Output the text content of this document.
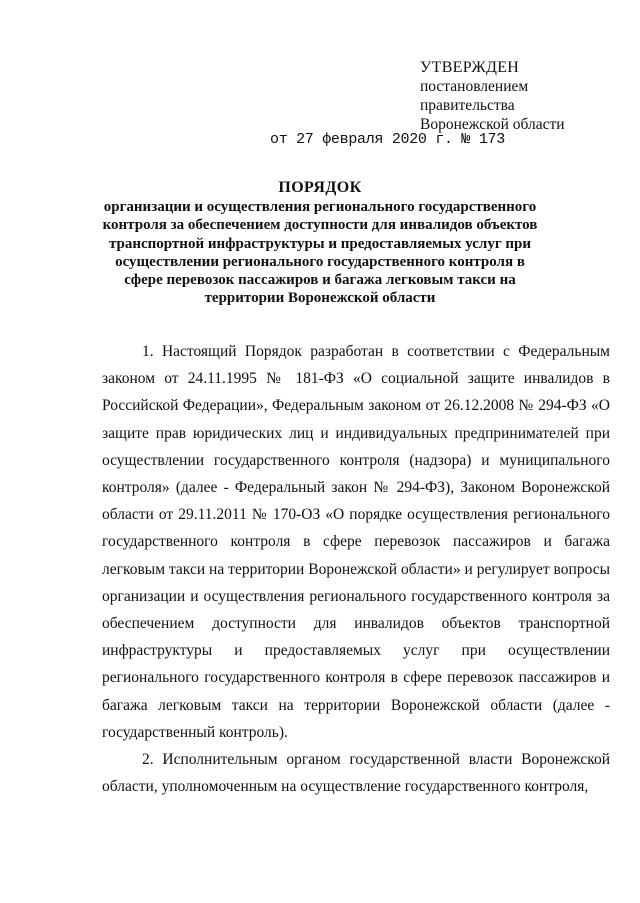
УТВЕРЖДЕН
постановлением
правительства
Воронежской области
от 27 февраля 2020 г. № 173
ПОРЯДОК
организации и осуществления регионального государственного контроля за обеспечением доступности для инвалидов объектов транспортной инфраструктуры и предоставляемых услуг при осуществлении регионального государственного контроля в сфере перевозок пассажиров и багажа легковым такси на территории Воронежской области

1. Настоящий Порядок разработан в соответствии с Федеральным законом от 24.11.1995 № 181-ФЗ «О социальной защите инвалидов в Российской Федерации», Федеральным законом от 26.12.2008 № 294-ФЗ «О защите прав юридических лиц и индивидуальных предпринимателей при осуществлении государственного контроля (надзора) и муниципального контроля» (далее - Федеральный закон № 294-ФЗ), Законом Воронежской области от 29.11.2011 № 170-ОЗ «О порядке осуществления регионального государственного контроля в сфере перевозок пассажиров и багажа легковым такси на территории Воронежской области» и регулирует вопросы организации и осуществления регионального государственного контроля за обеспечением доступности для инвалидов объектов транспортной инфраструктуры и предоставляемых услуг при осуществлении регионального государственного контроля в сфере перевозок пассажиров и багажа легковым такси на территории Воронежской области (далее - государственный контроль).

2. Исполнительным органом государственной власти Воронежской области, уполномоченным на осуществление государственного контроля,
